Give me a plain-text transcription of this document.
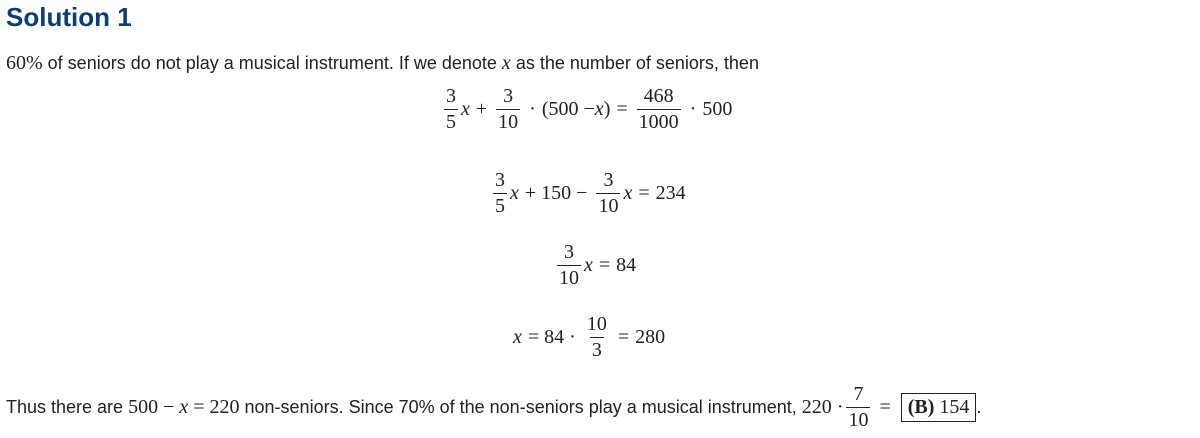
Solution 1
60% of seniors do not play a musical instrument. If we denote x as the number of seniors, then
$\frac{3}{5}$ $x + \frac{3}{10} \cdot (500 - x$ ) = $\frac{468}{1000} \cdot 500$
$\frac{3}{5}$ $x + 150 - \frac{3}{10}$ x = 234
$\frac{3}{10}$ x = 84
$x = 84 \cdot \frac{10}{3} = 280$
Thus there are 500 − x = 220 non-seniors. Since 70% of the non-seniors play a musical instrument, $220 \cdot \frac{7}{10} = (B)$ 154 .
